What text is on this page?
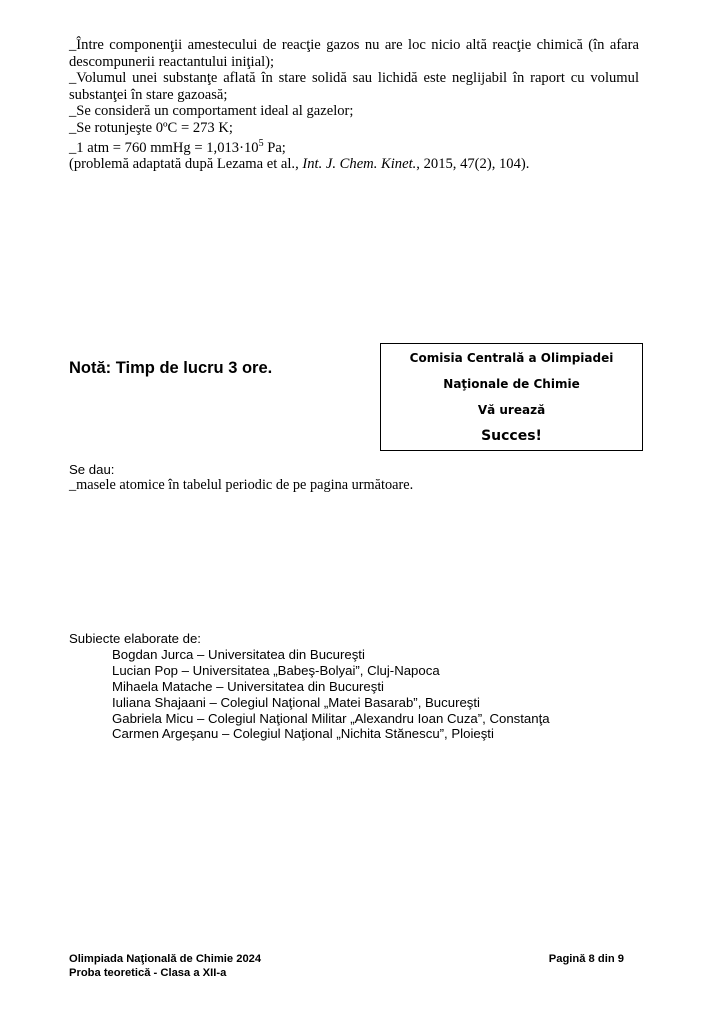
_Între componenţii amestecului de reacţie gazos nu are loc nicio altă reacţie chimică (în afara descompunerii reactantului iniţial);

_Volumul unei substanţe aflată în stare solidă sau lichidă este neglijabil în raport cu volumul substanţei în stare gazoasă;

_Se consideră un comportament ideal al gazelor;

_Se rotunjeşte 0ºC = 273 K;

_1 atm = 760 mmHg = $1,013\cdot 10^5$ Pa;

(problemă adaptată după Lezama et al., Int. J. Chem. Kinet., 2015, 47(2), 104).

Notă: Timp de lucru 3 ore.
Comisia Centrală a Olimpiadei
Naţionale de Chimie
Vă urează
Succes!
Se dau:
_masele atomice în tabelul periodic de pe pagina următoare.
Subiecte elaborate de:
Bogdan Jurca – Universitatea din Bucureşti
Lucian Pop – Universitatea „Babeş-Bolyai”, Cluj-Napoca
Mihaela Matache – Universitatea din Bucureşti
Iuliana Shajaani – Colegiul Naţional „Matei Basarab”, Bucureşti
Gabriela Micu – Colegiul Naţional Militar „Alexandru Ioan Cuza”, Constanţa
Carmen Argeşanu – Colegiul Naţional „Nichita Stănescu”, Ploieşti
Olimpiada Naţională de Chimie 2024
Proba teoretică - Clasa a XII-a
Pagină 8 din 9
